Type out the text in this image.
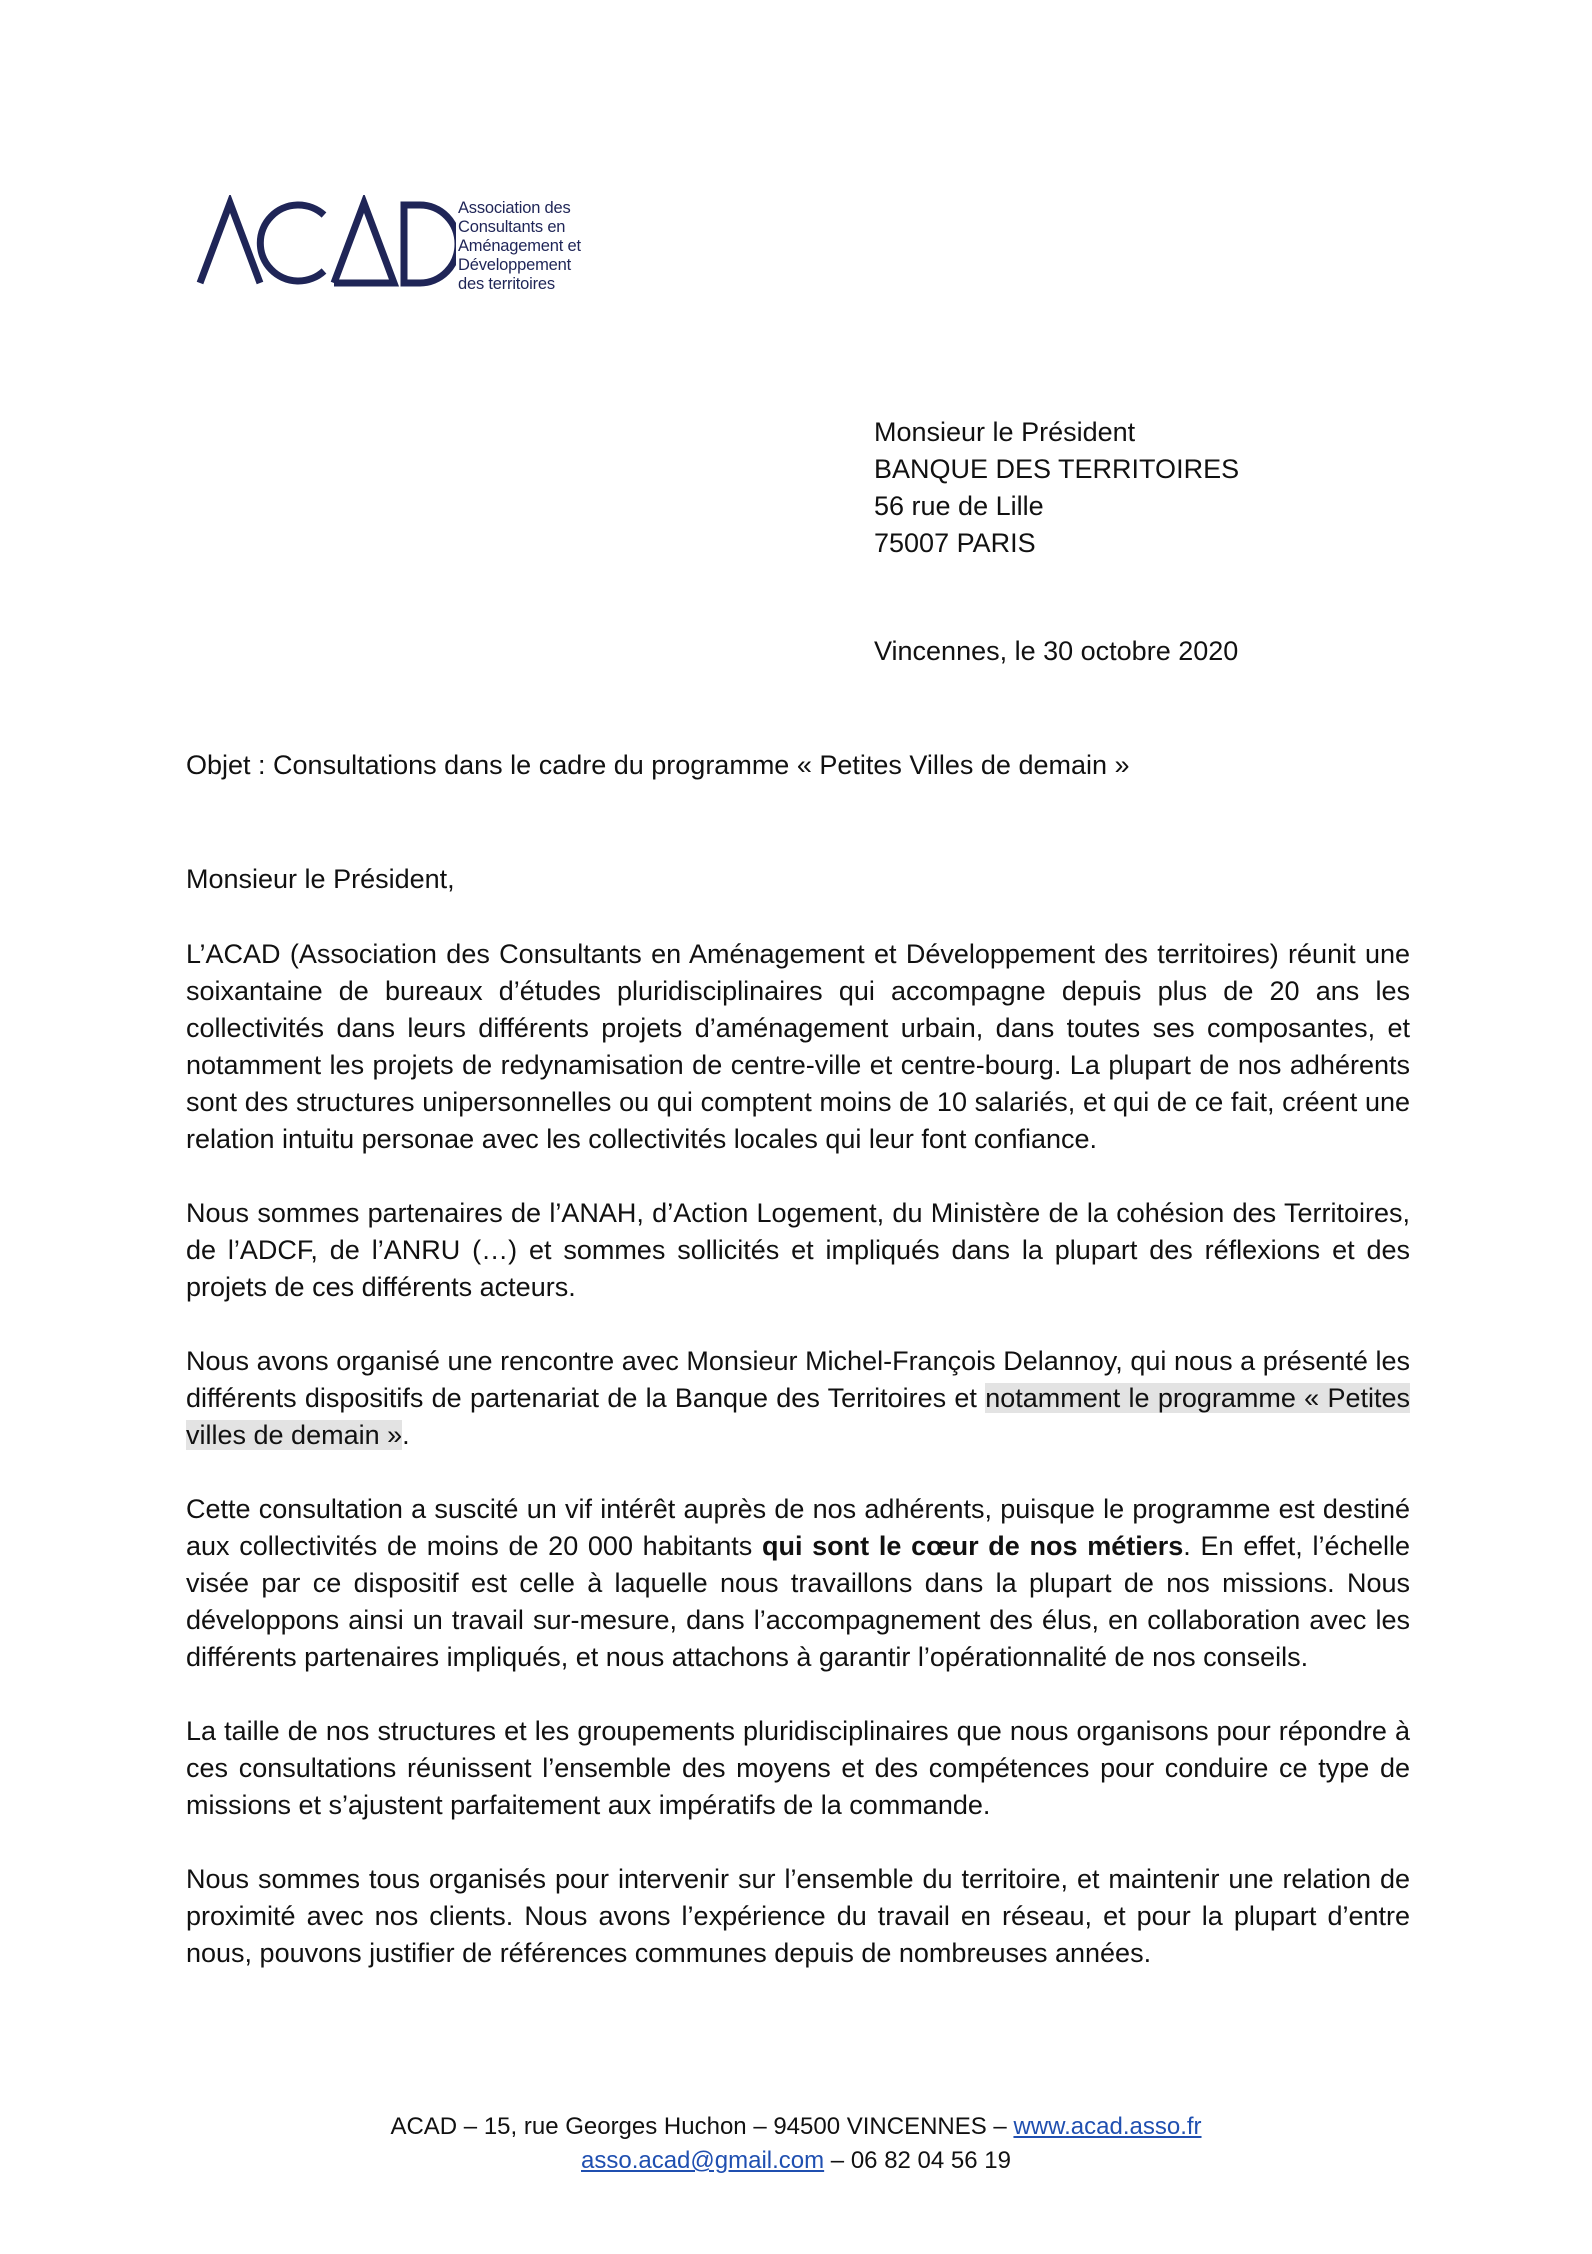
Association des
Consultants en
Aménagement et
Développement
des territoires
Monsieur le Président
BANQUE DES TERRITOIRES
56 rue de Lille
75007 PARIS
Vincennes, le 30 octobre 2020
Objet : Consultations dans le cadre du programme « Petites Villes de demain »
Monsieur le Président,

L’ACAD (Association des Consultants en Aménagement et Développement des territoires) réunit une soixantaine de bureaux d’études pluridisciplinaires qui accompagne depuis plus de 20 ans les collectivités dans leurs différents projets d’aménagement urbain, dans toutes ses composantes, et notamment les projets de redynamisation de centre-ville et centre-bourg. La plupart de nos adhérents sont des structures unipersonnelles ou qui comptent moins de 10 salariés, et qui de ce fait, créent une relation intuitu personae avec les collectivités locales qui leur font confiance.

Nous sommes partenaires de l’ANAH, d’Action Logement, du Ministère de la cohésion des Territoires, de l’ADCF, de l’ANRU (…) et sommes sollicités et impliqués dans la plupart des réflexions et des projets de ces différents acteurs.

Nous avons organisé une rencontre avec Monsieur Michel-François Delannoy, qui nous a présenté les différents dispositifs de partenariat de la Banque des Territoires et notamment le programme « Petites villes de demain ».

Cette consultation a suscité un vif intérêt auprès de nos adhérents, puisque le programme est destiné aux collectivités de moins de 20 000 habitants qui sont le cœur de nos métiers. En effet, l’échelle visée par ce dispositif est celle à laquelle nous travaillons dans la plupart de nos missions. Nous développons ainsi un travail sur-mesure, dans l’accompagnement des élus, en collaboration avec les différents partenaires impliqués, et nous attachons à garantir l’opérationnalité de nos conseils.

La taille de nos structures et les groupements pluridisciplinaires que nous organisons pour répondre à ces consultations réunissent l’ensemble des moyens et des compétences pour conduire ce type de missions et s’ajustent parfaitement aux impératifs de la commande.

Nous sommes tous organisés pour intervenir sur l’ensemble du territoire, et maintenir une relation de proximité avec nos clients. Nous avons l’expérience du travail en réseau, et pour la plupart d’entre nous, pouvons justifier de références communes depuis de nombreuses années.

ACAD – 15, rue Georges Huchon – 94500 VINCENNES – www.acad.asso.fr
asso.acad@gmail.com – 06 82 04 56 19
